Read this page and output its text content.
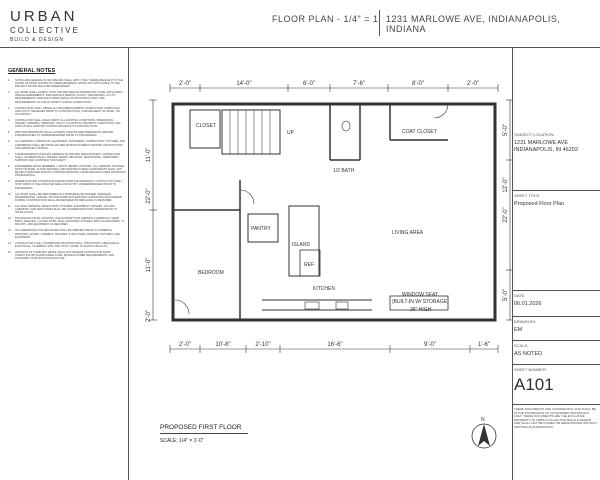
URBAN
COLLECTIVE
BUILD & DESIGN
FLOOR PLAN - 1/4" = 1' 1231 MARLOWE AVE, INDIANAPOLIS, INDIANA
GENERAL NOTES
1.	NOTES ARE GENERAL IN NATURE AND SHALL APPLY ONLY WHERE RELEVANT TO THE SCOPE OF WORK SHOWN ON THESE DRAWINGS. NOTES NOT APPLICABLE TO THE PROJECT SCOPE SHALL BE DISREGARDED.
2.	ALL WORK SHALL COMPLY WITH THE 2020 INDIANA RESIDENTIAL CODE, APPLICABLE INDIANA AMENDMENTS, INDIANAPOLIS MARION COUNTY ORDINANCES, UTILITY REQUIREMENTS, MANUFACTURER INSTALLATION INSTRUCTIONS, AND REQUIREMENTS OF THE AUTHORITY HAVING JURISDICTION.
3.	CONTRACTOR SHALL OBTAIN ALL REQUIRED PERMITS, INSPECTIONS, APPROVALS, AND UTILITY RELEASES PRIOR TO CONSTRUCTION, CONCEALMENT OF WORK, OR OCCUPANCY.
4.	CONTRACTOR SHALL FIELD VERIFY ALL EXISTING CONDITIONS, DIMENSIONS, GRADES, FRAMING, OPENINGS, UTILITY LOCATIONS, PROPERTY CONDITIONS, AND STRUCTURAL SUPPORT CONDITIONS PRIOR TO CONSTRUCTION.
5.	WRITTEN DIMENSIONS SHALL GOVERN OVER SCALED DIMENSIONS. REPORT DISCREPANCIES TO OWNER/DESIGNER PRIOR TO PROCEEDING.
6.	ALL MATERIALS, PRODUCTS, EQUIPMENT, FASTENERS, CONNECTORS, FIXTURES, AND ASSEMBLIES SHALL BE INSTALLED PER MANUFACTURER'S WRITTEN INSTRUCTIONS AND APPROVED LISTINGS.
7.	THESE DRAWINGS INDICATE GENERAL SCOPE AND DESIGN INTENT. CONTRACTOR SHALL COORDINATE ALL TRADES, MEANS, METHODS, SEQUENCING, TEMPORARY SUPPORT, AND CONSTRUCTION SAFETY.
8.	ENGINEERED WOOD MEMBERS, I-JOISTS, BEAMS, TRUSSES, LVL, GIRDERS, TRUSSES, ROOF TRUSSES, FLOOR TRUSSES, AND MANUFACTURED COMPONENTS SHALL NOT BE FIELD MODIFIED WITHOUT WRITTEN APPROVAL FROM MANUFACTURER OR DESIGN PROFESSIONAL.
9.	WHERE EXISTING CONDITIONS DIFFER FROM THE DRAWINGS, CONTRACTOR SHALL STOP WORK IN THE AFFECTED AREA AND NOTIFY OWNER/DESIGNER PRIOR TO PROCEEDING.
10.	ALL WORK SHALL BE PERFORMED IN A WORKMANLIKE MANNER. DAMAGED, DETERIORATED, UNSAFE, OR NONCOMPLIANT EXISTING CONDITIONS DISCOVERED DURING CONSTRUCTION SHALL BE REPAIRED OR REPLACED AS REQUIRED.
11.	ALL FINAL MATERIAL SELECTIONS, FIXTURES, EQUIPMENT, FINISHES, COLORS, CABINETRY, AND APPLIANCES SHALL BE COORDINATED WITH OWNER PRIOR TO INSTALLATION.
12.	PROVIDE BLOCKING, BACKING, AND SUPPORT FOR CABINETS, HANDRAILS, GRAB BARS, SHELVING, CLOSET RODS, WALL-MOUNTED FIXTURES, BATH ACCESSORIES, TV MOUNTS, AND EQUIPMENT AS REQUIRED.
13.	ALL DIMENSIONS FOR NEW WORK SHALL BE VERIFIED PRIOR TO ORDERING WINDOWS, DOORS, CABINETS, TRUSSES, STRUCTURAL FRAMING, FIXTURES, AND EQUIPMENT.
14.	CONTRACTOR SHALL COORDINATE ARCHITECTURAL, STRUCTURAL, MECHANICAL, ELECTRICAL, PLUMBING, SITE, AND UTILITY WORK TO AVOID CONFLICTS.
15.	OMISSION OF A SPECIFIC DETAIL SHALL NOT RELIEVE CONTRACTOR FROM COMPLYING WITH APPLICABLE CODE, MANUFACTURER REQUIREMENTS, AND STANDARD CONSTRUCTION PRACTICE.
2'-0"	14'-0"	6'-0"	7'-6"	8'-0"	2'-0"
2'-0"	10'-8"	2'-10"	16'-6"	9'-0"	1'-6"
11'-0"
22'-0"
11'-0"
2'-0"
5'-0"
12'-0"
22'-0"
5'-0"
CLOSET
UP
1/2 BATH
COAT CLOSET
PANTRY
ISLAND
LIVING AREA
BEDROOM
REF.
KITCHEN
WINDOW SEAT
(BUILT-IN W/ STORAGE)
36" HIGH
N
PROPOSED FIRST FLOOR
SCALE: 1/4" = 1'-0"
SUBJECT LOCATION:
1231 MARLOWE AVE
INDIANAPOLIS, IN 46202
SHEET TITLE:
Proposed Floor Plan
DATE:
06.01.2026
DRAWN BY:
EM
SCALE:
AS NOTED
SHEET NUMBER:
A101
THESE DOCUMENTS ARE CONFIDENTIAL AND SHALL BE IN THE POSSESSION OF AUTHORIZED INDIVIDUALS ONLY. THESE DOCUMENTS ARE THE EXCLUSIVE PROPERTY OF URBAN COLLECTIVE BUILD & DESIGN AND SHALL NOT BE COPIED OR REPRODUCED WITHOUT WRITTEN AUTHORIZATION.
